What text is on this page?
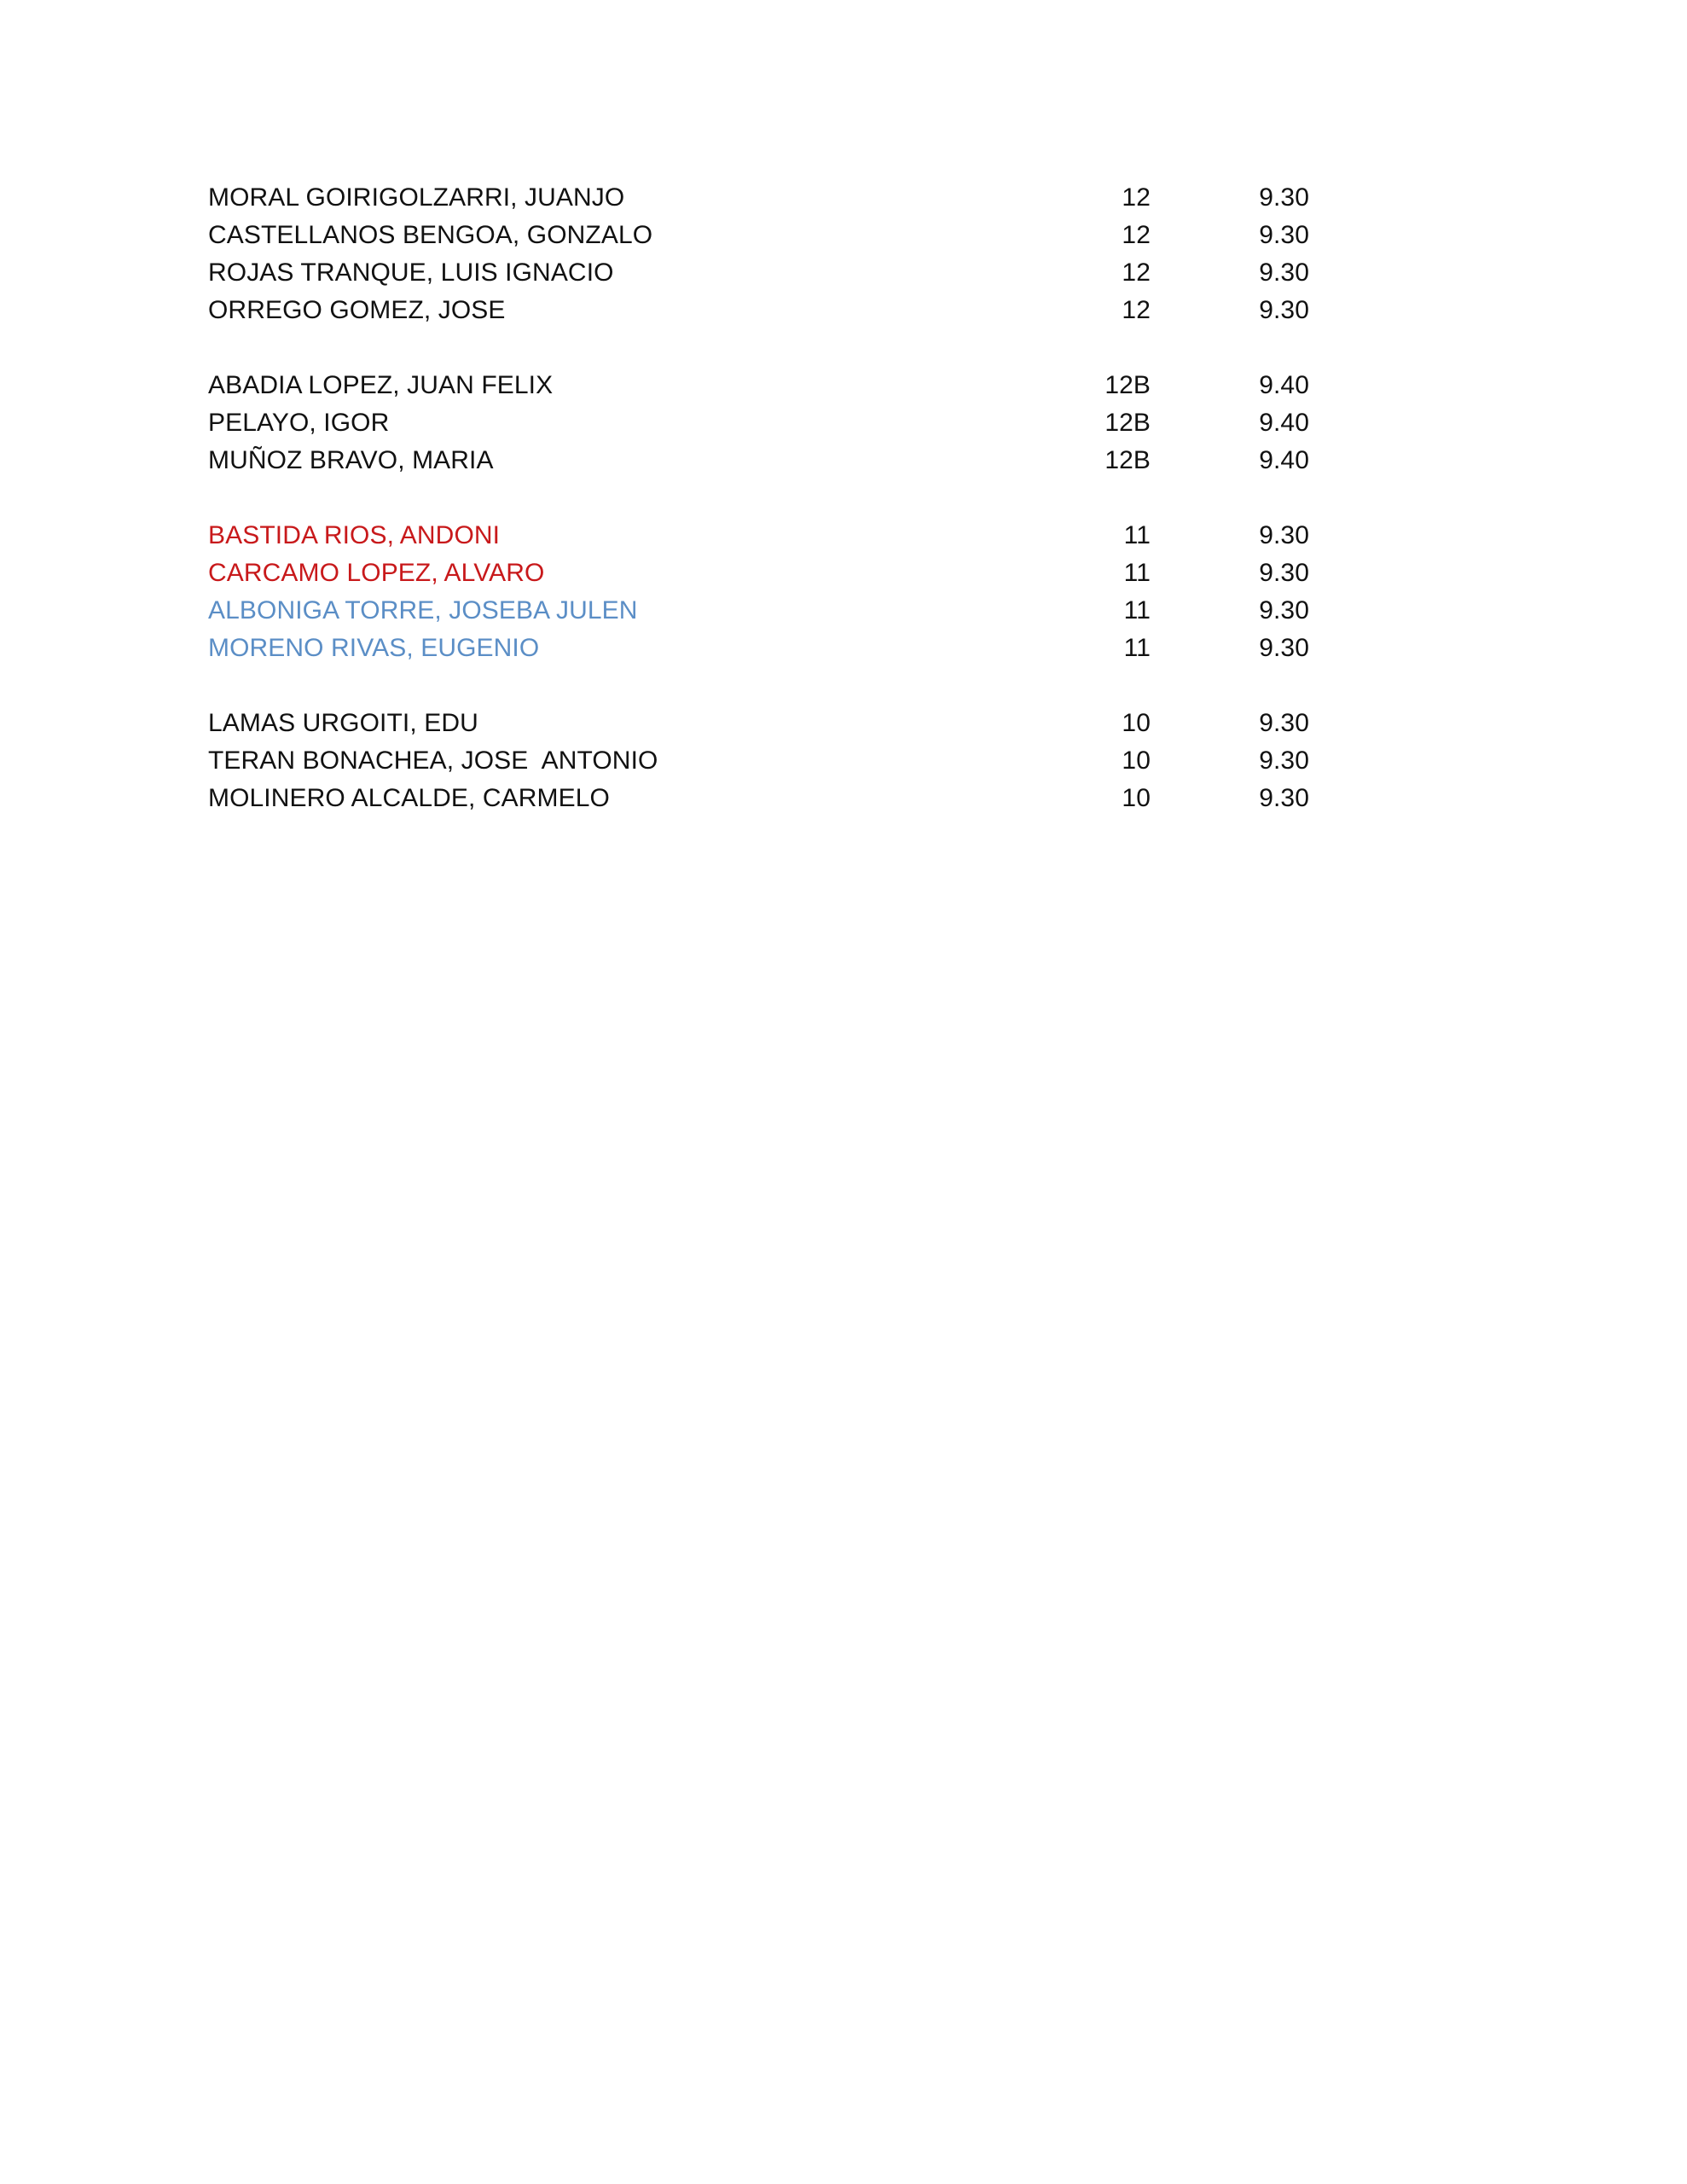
MORAL GOIRIGOLZARRI, JUANJO	12	9.30
CASTELLANOS BENGOA, GONZALO	12	9.30
ROJAS TRANQUE, LUIS IGNACIO	12	9.30
ORREGO GOMEZ, JOSE	12	9.30
ABADIA LOPEZ, JUAN FELIX	12B	9.40
PELAYO, IGOR	12B	9.40
MUÑOZ BRAVO, MARIA	12B	9.40
BASTIDA RIOS, ANDONI	11	9.30
CARCAMO LOPEZ, ALVARO	11	9.30
ALBONIGA TORRE, JOSEBA JULEN	11	9.30
MORENO RIVAS, EUGENIO	11	9.30
LAMAS URGOITI, EDU	10	9.30
TERAN BONACHEA, JOSE  ANTONIO	10	9.30
MOLINERO ALCALDE, CARMELO	10	9.30
